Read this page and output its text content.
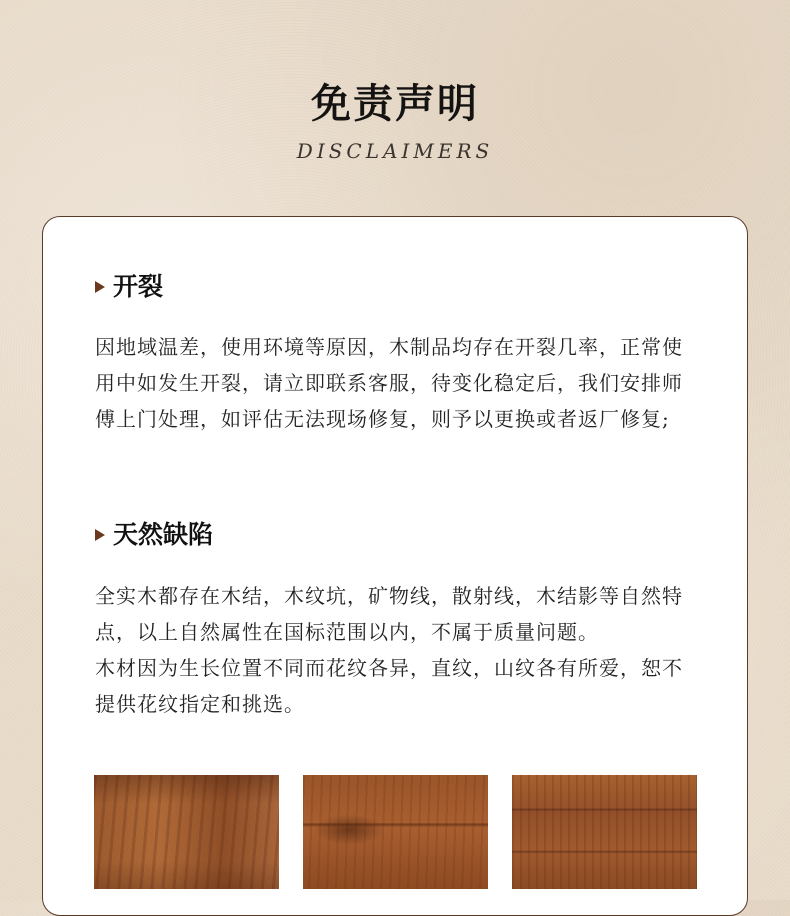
免责声明
DISCLAIMERS
开裂

因地域温差，使用环境等原因，木制品均存在开裂几率，正常使用中如发生开裂，请立即联系客服，待变化稳定后，我们安排师傅上门处理，如评估无法现场修复，则予以更换或者返厂修复;

天然缺陷

全实木都存在木结，木纹坑，矿物线，散射线，木结影等自然特点，以上自然属性在国标范围以内，不属于质量问题。

木材因为生长位置不同而花纹各异，直纹，山纹各有所爱，恕不提供花纹指定和挑选。
